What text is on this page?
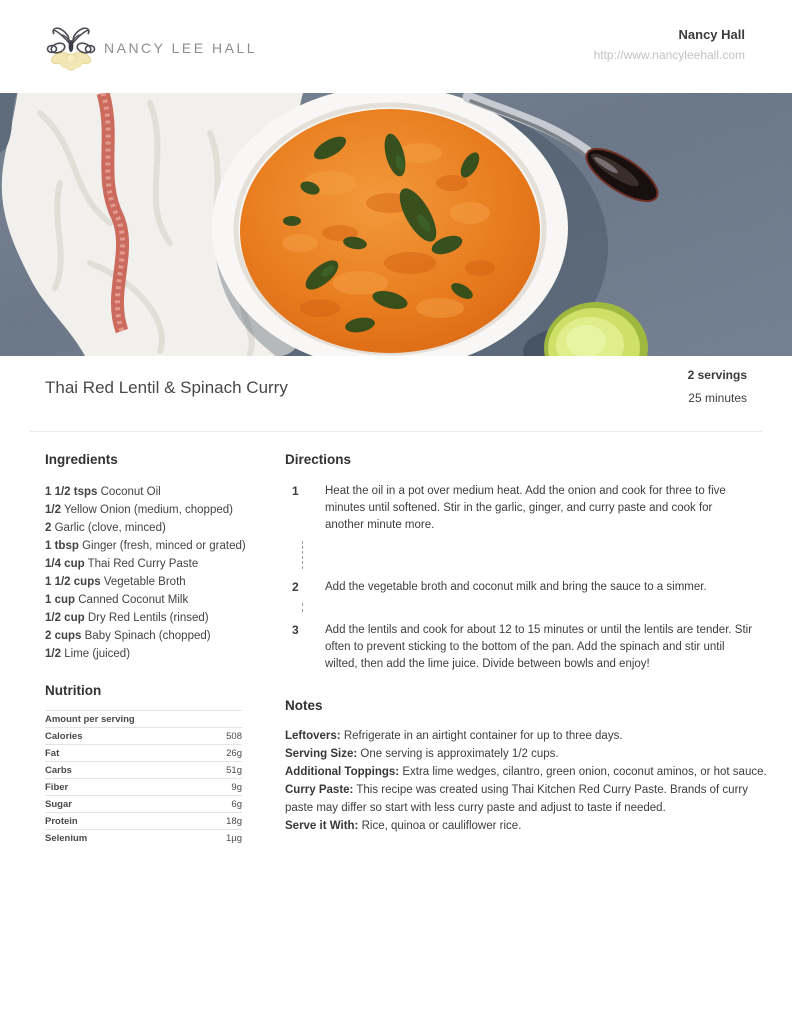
NANCY LEE HALL
Nancy Hall
http://www.nancyleehall.com
Thai Red Lentil & Spinach Curry
2 servings
25 minutes
Ingredients
1 1/2 tsps Coconut Oil
1/2 Yellow Onion (medium, chopped)
2 Garlic (clove, minced)
1 tbsp Ginger (fresh, minced or grated)
1/4 cup Thai Red Curry Paste
1 1/2 cups Vegetable Broth
1 cup Canned Coconut Milk
1/2 cup Dry Red Lentils (rinsed)
2 cups Baby Spinach (chopped)
1/2 Lime (juiced)
Nutrition
Amount per serving
Calories	508
Fat	26g
Carbs	51g
Fiber	9g
Sugar	6g
Protein	18g
Selenium	1µg
Directions
1	Heat the oil in a pot over medium heat. Add the onion and cook for three to five minutes until softened. Stir in the garlic, ginger, and curry paste and cook for another minute more.
2	Add the vegetable broth and coconut milk and bring the sauce to a simmer.
3	Add the lentils and cook for about 12 to 15 minutes or until the lentils are tender. Stir often to prevent sticking to the bottom of the pan. Add the spinach and stir until wilted, then add the lime juice. Divide between bowls and enjoy!
Notes

Leftovers: Refrigerate in an airtight container for up to three days.

Serving Size: One serving is approximately 1/2 cups.

Additional Toppings: Extra lime wedges, cilantro, green onion, coconut aminos, or hot sauce.

Curry Paste: This recipe was created using Thai Kitchen Red Curry Paste. Brands of curry paste may differ so start with less curry paste and adjust to taste if needed.

Serve it With: Rice, quinoa or cauliflower rice.
